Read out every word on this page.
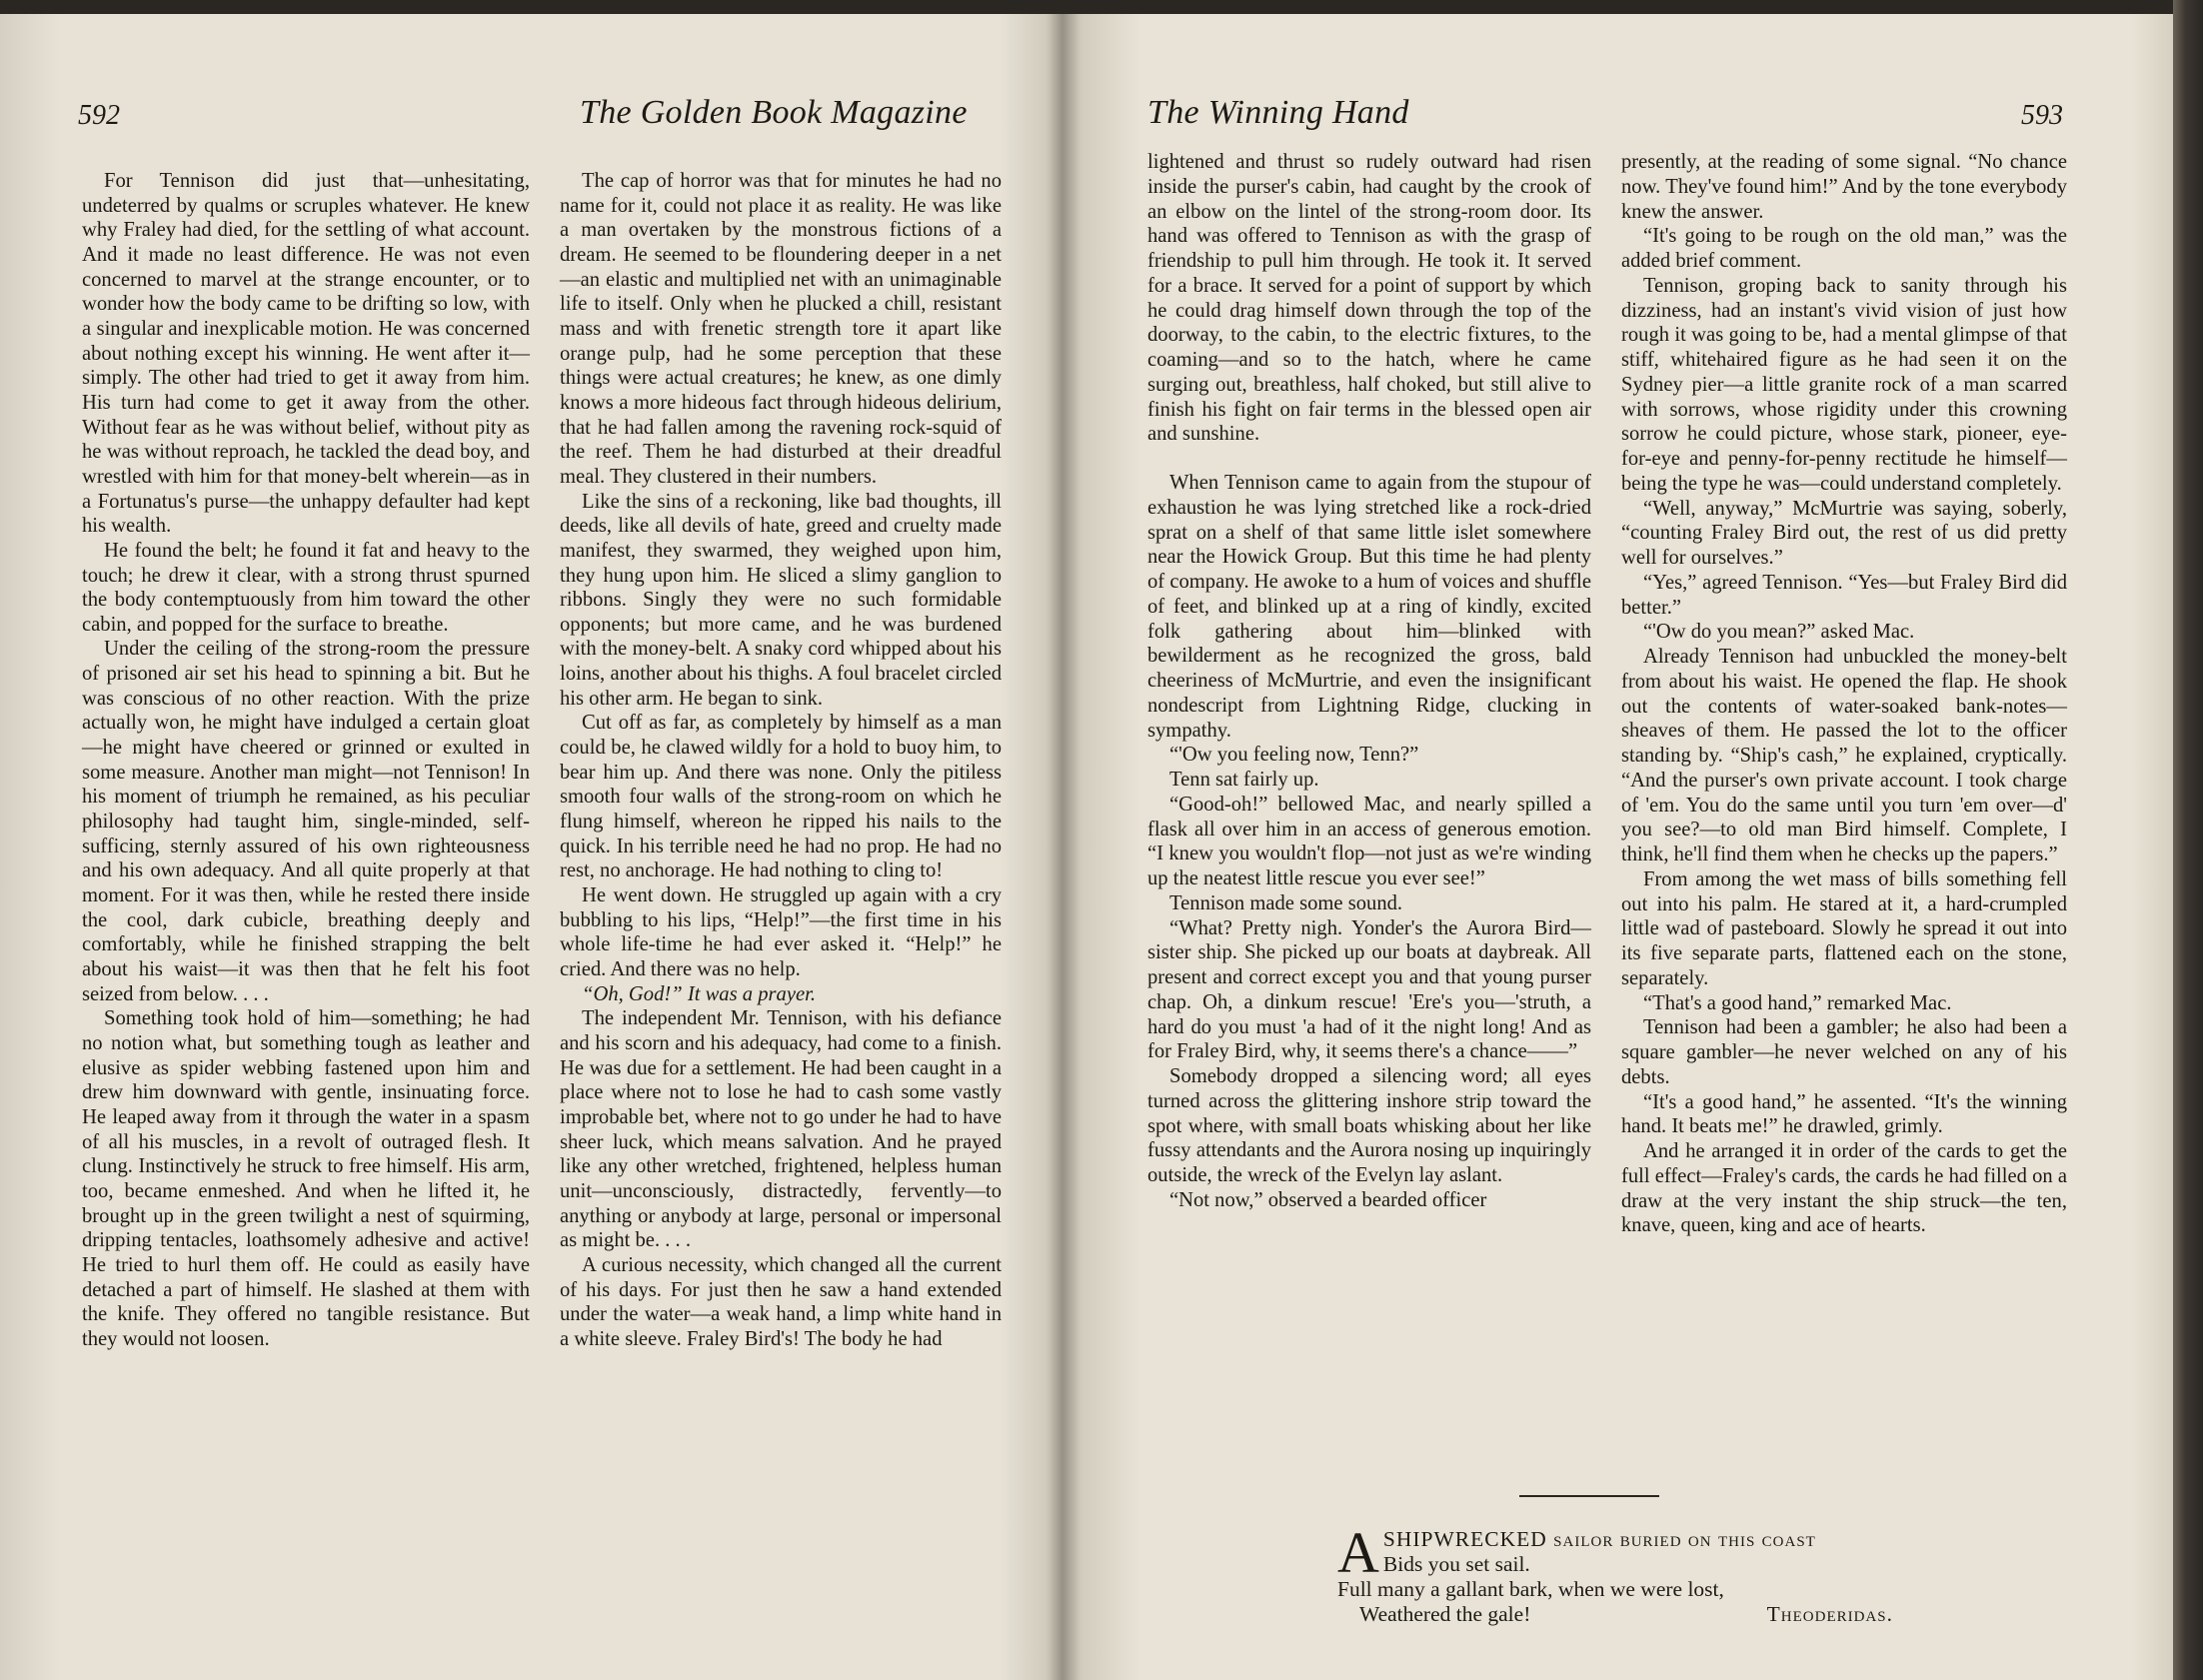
592	The Golden Book Magazine	The Winning Hand	593

For Tennison did just that—unhesitating, undeterred by qualms or scruples whatever. He knew why Fraley had died, for the settling of what account. And it made no least difference. He was not even concerned to marvel at the strange encounter, or to wonder how the body came to be drifting so low, with a singular and inexplicable motion. He was concerned about nothing except his winning. He went after it—simply. The other had tried to get it away from him. His turn had come to get it away from the other. Without fear as he was without belief, without pity as he was without reproach, he tackled the dead boy, and wrestled with him for that money-belt wherein—as in a Fortunatus's purse—the unhappy defaulter had kept his wealth.

He found the belt; he found it fat and heavy to the touch; he drew it clear, with a strong thrust spurned the body contemptuously from him toward the other cabin, and popped for the surface to breathe.

Under the ceiling of the strong-room the pressure of prisoned air set his head to spinning a bit. But he was conscious of no other reaction. With the prize actually won, he might have indulged a certain gloat—he might have cheered or grinned or exulted in some measure. Another man might—not Tennison! In his moment of triumph he remained, as his peculiar philosophy had taught him, single-minded, self-sufficing, sternly assured of his own righteousness and his own adequacy. And all quite properly at that moment. For it was then, while he rested there inside the cool, dark cubicle, breathing deeply and comfortably, while he finished strapping the belt about his waist—it was then that he felt his foot seized from below. . . .

Something took hold of him—something; he had no notion what, but something tough as leather and elusive as spider webbing fastened upon him and drew him downward with gentle, insinuating force. He leaped away from it through the water in a spasm of all his muscles, in a revolt of outraged flesh. It clung. Instinctively he struck to free himself. His arm, too, became enmeshed. And when he lifted it, he brought up in the green twilight a nest of squirming, dripping tentacles, loathsomely adhesive and active! He tried to hurl them off. He could as easily have detached a part of himself. He slashed at them with the knife. They offered no tangible resistance. But they would not loosen.

The cap of horror was that for minutes he had no name for it, could not place it as reality. He was like a man overtaken by the monstrous fictions of a dream. He seemed to be floundering deeper in a net—an elastic and multiplied net with an unimaginable life to itself. Only when he plucked a chill, resistant mass and with frenetic strength tore it apart like orange pulp, had he some perception that these things were actual creatures; he knew, as one dimly knows a more hideous fact through hideous delirium, that he had fallen among the ravening rock-squid of the reef. Them he had disturbed at their dreadful meal. They clustered in their numbers.

Like the sins of a reckoning, like bad thoughts, ill deeds, like all devils of hate, greed and cruelty made manifest, they swarmed, they weighed upon him, they hung upon him. He sliced a slimy ganglion to ribbons. Singly they were no such formidable opponents; but more came, and he was burdened with the money-belt. A snaky cord whipped about his loins, another about his thighs. A foul bracelet circled his other arm. He began to sink.

Cut off as far, as completely by himself as a man could be, he clawed wildly for a hold to buoy him, to bear him up. And there was none. Only the pitiless smooth four walls of the strong-room on which he flung himself, whereon he ripped his nails to the quick. In his terrible need he had no prop. He had no rest, no anchorage. He had nothing to cling to!

He went down. He struggled up again with a cry bubbling to his lips, “Help!”—the first time in his whole life-time he had ever asked it. “Help!” he cried. And there was no help.

“Oh, God!” It was a prayer.

The independent Mr. Tennison, with his defiance and his scorn and his adequacy, had come to a finish. He was due for a settlement. He had been caught in a place where not to lose he had to cash some vastly improbable bet, where not to go under he had to have sheer luck, which means salvation. And he prayed like any other wretched, frightened, helpless human unit—unconsciously, distractedly, fervently—to anything or anybody at large, personal or impersonal as might be. . . .

A curious necessity, which changed all the current of his days. For just then he saw a hand extended under the water—a weak hand, a limp white hand in a white sleeve. Fraley Bird's! The body he had

lightened and thrust so rudely outward had risen inside the purser's cabin, had caught by the crook of an elbow on the lintel of the strong-room door. Its hand was offered to Tennison as with the grasp of friendship to pull him through. He took it. It served for a brace. It served for a point of support by which he could drag himself down through the top of the doorway, to the cabin, to the electric fixtures, to the coaming—and so to the hatch, where he came surging out, breathless, half choked, but still alive to finish his fight on fair terms in the blessed open air and sunshine.

When Tennison came to again from the stupour of exhaustion he was lying stretched like a rock-dried sprat on a shelf of that same little islet somewhere near the Howick Group. But this time he had plenty of company. He awoke to a hum of voices and shuffle of feet, and blinked up at a ring of kindly, excited folk gathering about him—blinked with bewilderment as he recognized the gross, bald cheeriness of McMurtrie, and even the insignificant nondescript from Lightning Ridge, clucking in sympathy.

“'Ow you feeling now, Tenn?”

Tenn sat fairly up.

“Good-oh!” bellowed Mac, and nearly spilled a flask all over him in an access of generous emotion. “I knew you wouldn't flop—not just as we're winding up the neatest little rescue you ever see!”

Tennison made some sound.

“What? Pretty nigh. Yonder's the Aurora Bird—sister ship. She picked up our boats at daybreak. All present and correct except you and that young purser chap. Oh, a dinkum rescue! 'Ere's you—'struth, a hard do you must 'a had of it the night long! And as for Fraley Bird, why, it seems there's a chance——”

Somebody dropped a silencing word; all eyes turned across the glittering inshore strip toward the spot where, with small boats whisking about her like fussy attendants and the Aurora nosing up inquiringly outside, the wreck of the Evelyn lay aslant.

“Not now,” observed a bearded officer

presently, at the reading of some signal. “No chance now. They've found him!” And by the tone everybody knew the answer.

“It's going to be rough on the old man,” was the added brief comment.

Tennison, groping back to sanity through his dizziness, had an instant's vivid vision of just how rough it was going to be, had a mental glimpse of that stiff, whitehaired figure as he had seen it on the Sydney pier—a little granite rock of a man scarred with sorrows, whose rigidity under this crowning sorrow he could picture, whose stark, pioneer, eye-for-eye and penny-for-penny rectitude he himself—being the type he was—could understand completely.

“Well, anyway,” McMurtrie was saying, soberly, “counting Fraley Bird out, the rest of us did pretty well for ourselves.”

“Yes,” agreed Tennison. “Yes—but Fraley Bird did better.”

“'Ow do you mean?” asked Mac.

Already Tennison had unbuckled the money-belt from about his waist. He opened the flap. He shook out the contents of water-soaked bank-notes—sheaves of them. He passed the lot to the officer standing by. “Ship's cash,” he explained, cryptically. “And the purser's own private account. I took charge of 'em. You do the same until you turn 'em over—d' you see?—to old man Bird himself. Complete, I think, he'll find them when he checks up the papers.”

From among the wet mass of bills something fell out into his palm. He stared at it, a hard-crumpled little wad of pasteboard. Slowly he spread it out into its five separate parts, flattened each on the stone, separately.

“That's a good hand,” remarked Mac.

Tennison had been a gambler; he also had been a square gambler—he never welched on any of his debts.

“It's a good hand,” he assented. “It's the winning hand. It beats me!” he drawled, grimly.

And he arranged it in order of the cards to get the full effect—Fraley's cards, the cards he had filled on a draw at the very instant the ship struck—the ten, knave, queen, king and ace of hearts.

A SHIPWRECKED sailor buried on this coast
Bids you set sail.
Full many a gallant bark, when we were lost,
Weathered the gale!	Theoderidas.
